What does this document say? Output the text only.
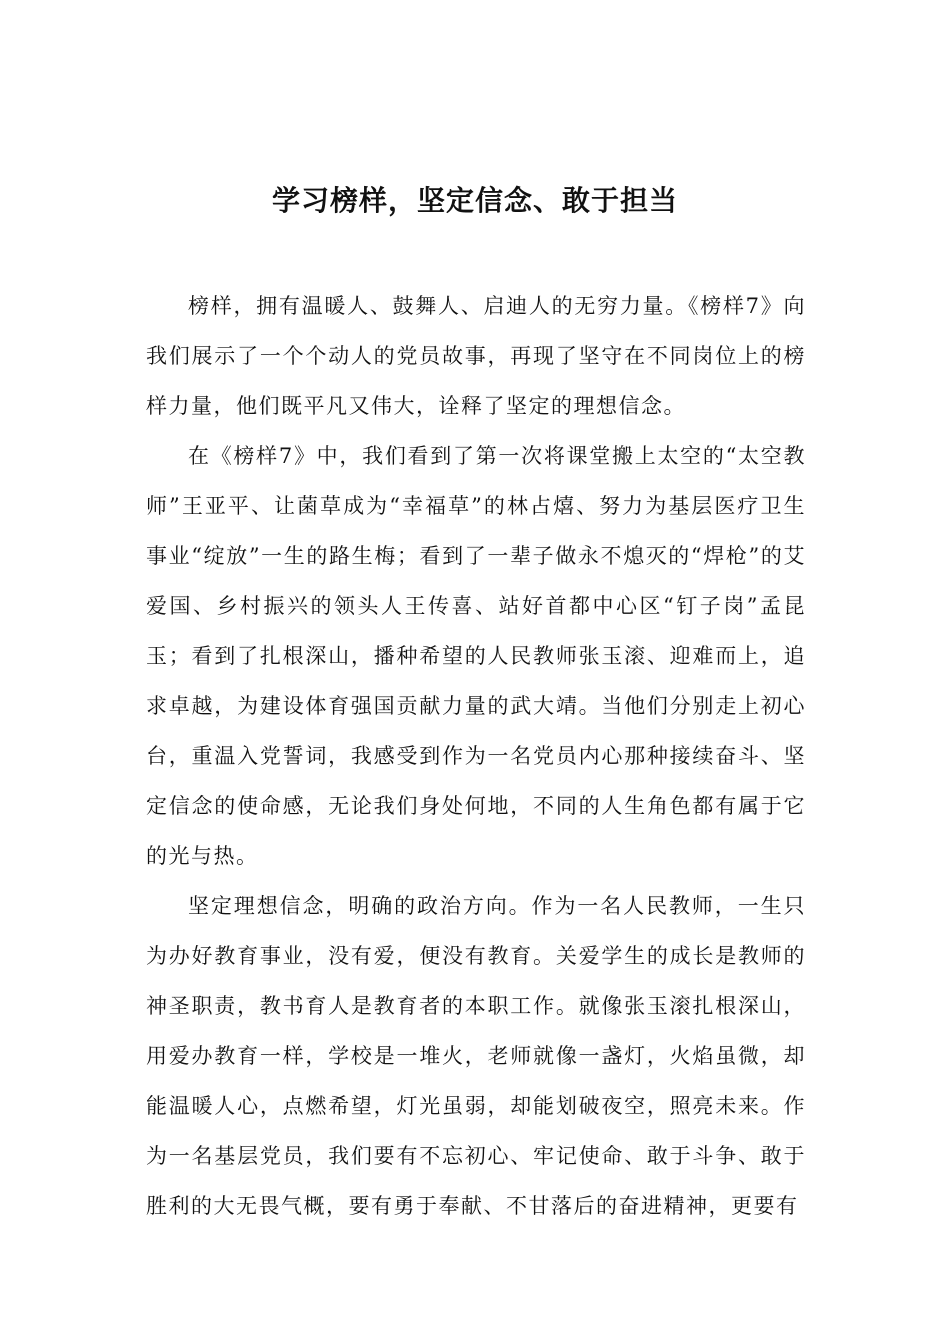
学习榜样，坚定信念、敢于担当

榜样，拥有温暖人、鼓舞人、启迪人的无穷力量。《榜样7》向我们展示了一个个动人的党员故事，再现了坚守在不同岗位上的榜样力量，他们既平凡又伟大，诠释了坚定的理想信念。

在《榜样7》中，我们看到了第一次将课堂搬上太空的“太空教师”王亚平、让菌草成为“幸福草”的林占熺、努力为基层医疗卫生事业“绽放”一生的路生梅；看到了一辈子做永不熄灭的“焊枪”的艾爱国、乡村振兴的领头人王传喜、站好首都中心区“钉子岗”孟昆玉；看到了扎根深山，播种希望的人民教师张玉滚、迎难而上，追求卓越，为建设体育强国贡献力量的武大靖。当他们分别走上初心台，重温入党誓词，我感受到作为一名党员内心那种接续奋斗、坚定信念的使命感，无论我们身处何地，不同的人生角色都有属于它的光与热。

坚定理想信念，明确的政治方向。作为一名人民教师，一生只为办好教育事业，没有爱，便没有教育。关爱学生的成长是教师的神圣职责，教书育人是教育者的本职工作。就像张玉滚扎根深山，用爱办教育一样，学校是一堆火，老师就像一盏灯，火焰虽微，却能温暖人心，点燃希望，灯光虽弱，却能划破夜空，照亮未来。作为一名基层党员，我们要有不忘初心、牢记使命、敢于斗争、敢于胜利的大无畏气概，要有勇于奉献、不甘落后的奋进精神，更要有
